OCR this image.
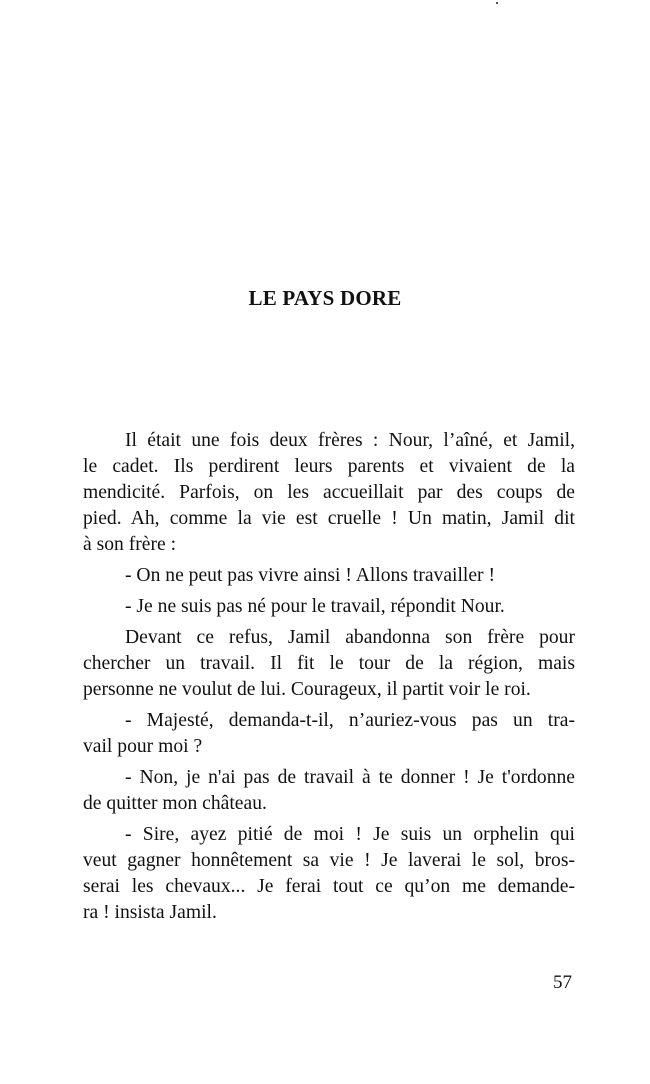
LE PAYS DORE

Il était une fois deux frères : Nour, l’aîné, et Jamil,
le cadet. Ils perdirent leurs parents et vivaient de la
mendicité. Parfois, on les accueillait par des coups de
pied. Ah, comme la vie est cruelle ! Un matin, Jamil dit
à son frère :

- On ne peut pas vivre ainsi ! Allons travailler !

- Je ne suis pas né pour le travail, répondit Nour.

Devant ce refus, Jamil abandonna son frère pour
chercher un travail. Il fit le tour de la région, mais
personne ne voulut de lui. Courageux, il partit voir le roi.

- Majesté, demanda-t-il, n’auriez-vous pas un tra-
vail pour moi ?

- Non, je n'ai pas de travail à te donner ! Je t'ordonne
de quitter mon château.

- Sire, ayez pitié de moi ! Je suis un orphelin qui
veut gagner honnêtement sa vie ! Je laverai le sol, bros-
serai les chevaux... Je ferai tout ce qu’on me demande-
ra ! insista Jamil.

57
